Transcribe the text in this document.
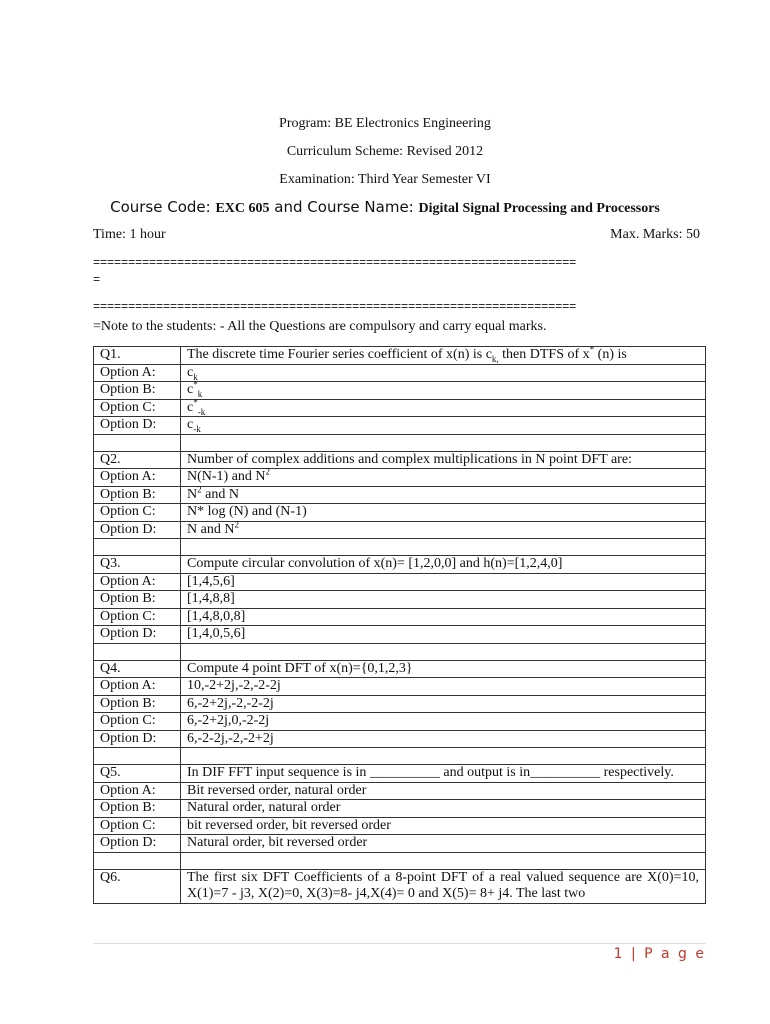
Program: BE Electronics Engineering
Curriculum Scheme: Revised 2012
Examination: Third Year Semester VI
Course Code: EXC 605 and Course Name: Digital Signal Processing and Processors
Time: 1 hour	Max. Marks: 50
=====================================================================
=
=====================================================================
=Note to the students: - All the Questions are compulsory and carry equal marks.
Q1.	The discrete time Fourier series coefficient of x(n) is $c_{k,}$ then DTFS of x* (n) is
Option A:	$c_k$
Option B:	$c^*_k$
Option C:	$c^*_{-k}$
Option D:	$c_{-k}$

Q2.	Number of complex additions and complex multiplications in N point DFT are:
Option A:	N(N-1) and $N^2$
Option B:	$N^2$ and N
Option C:	N* log (N) and (N-1)
Option D:	N and $N^2$

Q3.	Compute circular convolution of x(n)= [1,2,0,0] and h(n)=[1,2,4,0]
Option A:	[1,4,5,6]
Option B:	[1,4,8,8]
Option C:	[1,4,8,0,8]
Option D:	[1,4,0,5,6]

Q4.	Compute 4 point DFT of x(n)={0,1,2,3}
Option A:	10,-2+2j,-2,-2-2j
Option B:	6,-2+2j,-2,-2-2j
Option C:	6,-2+2j,0,-2-2j
Option D:	6,-2-2j,-2,-2+2j

Q5.	In DIF FFT input sequence is in __________ and output is in__________ respectively.
Option A:	Bit reversed order, natural order
Option B:	Natural order, natural order
Option C:	bit reversed order, bit reversed order
Option D:	Natural order, bit reversed order

Q6.	The first six DFT Coefficients of a 8-point DFT of a real valued sequence are X(0)=10, X(1)=7 - j3, X(2)=0, X(3)=8- j4,X(4)= 0 and X(5)= 8+ j4. The last two
1 | P a g e
